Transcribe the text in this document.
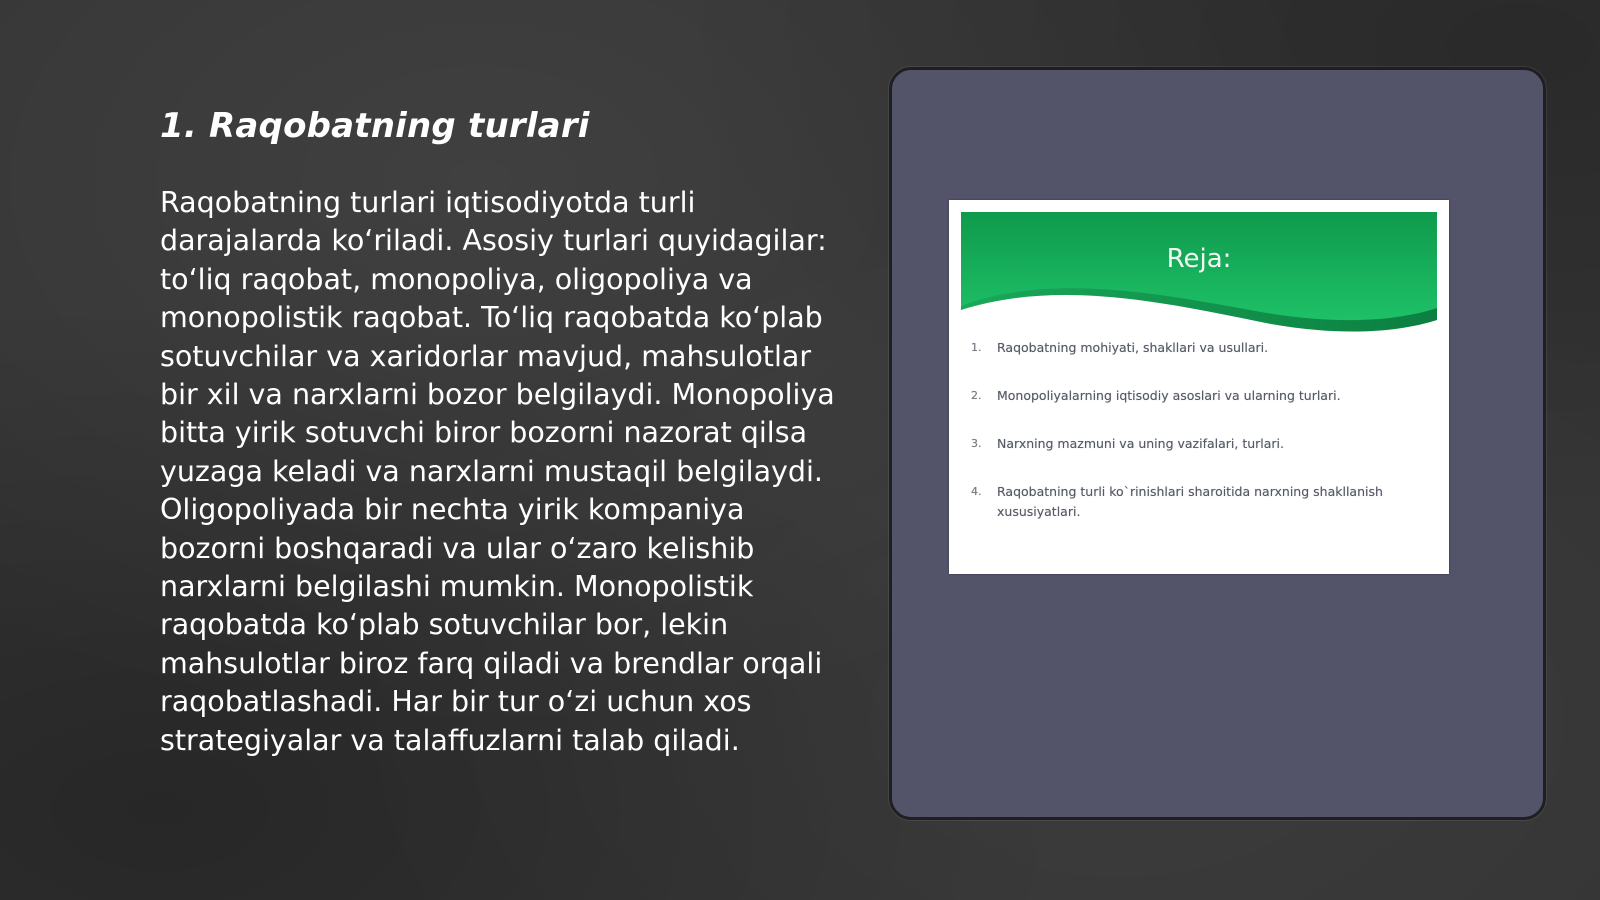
1. Raqobatning turlari

Raqobatning turlari iqtisodiyotda turli darajalarda ko‘riladi. Asosiy turlari quyidagilar: to‘liq raqobat, monopoliya, oligopoliya va monopolistik raqobat. To‘liq raqobatda ko‘plab sotuvchilar va xaridorlar mavjud, mahsulotlar bir xil va narxlarni bozor belgilaydi. Monopoliya bitta yirik sotuvchi biror bozorni nazorat qilsa yuzaga keladi va narxlarni mustaqil belgilaydi. Oligopoliyada bir nechta yirik kompaniya bozorni boshqaradi va ular o‘zaro kelishib narxlarni belgilashi mumkin. Monopolistik raqobatda ko‘plab sotuvchilar bor, lekin mahsulotlar biroz farq qiladi va brendlar orqali raqobatlashadi. Har bir tur o‘zi uchun xos strategiyalar va talaffuzlarni talab qiladi.

Reja:
1. Raqobatning mohiyati, shakllari va usullari.
2. Monopoliyalarning iqtisodiy asoslari va ularning turlari.
3. Narxning mazmuni va uning vazifalari, turlari.
4. Raqobatning turli ko`rinishlari sharoitida narxning shakllanish xususiyatlari.
